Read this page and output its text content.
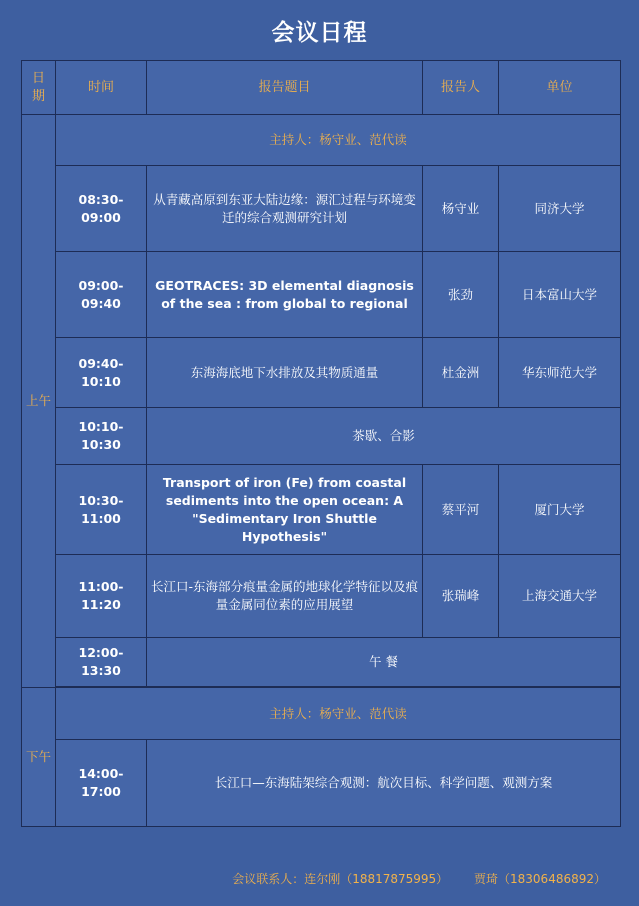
会议日程
日期	时间	报告题目	报告人	单位
上午	主持人：杨守业、范代读			
	08:30-09:00	从青藏高原到东亚大陆边缘：源汇过程与环境变迁的综合观测研究计划	杨守业	同济大学
	09:00-09:40	GEOTRACES: 3D elemental diagnosis of the sea : from global to regional	张劲	日本富山大学
	09:40-10:10	东海海底地下水排放及其物质通量	杜金洲	华东师范大学
	10:10-10:30	茶歇、合影		
	10:30-11:00	Transport of iron (Fe) from coastal sediments into the open ocean: A "Sedimentary Iron Shuttle Hypothesis"	蔡平河	厦门大学
	11:00-11:20	长江口-东海部分痕量金属的地球化学特征以及痕量金属同位素的应用展望	张瑞峰	上海交通大学
	12:00-13:30	午 餐		

下午	主持人：杨守业、范代读			
	14:00-17:00	长江口—东海陆架综合观测：航次目标、科学问题、观测方案		
会议联系人：连尔刚（18817875995） 贾琦（18306486892）
